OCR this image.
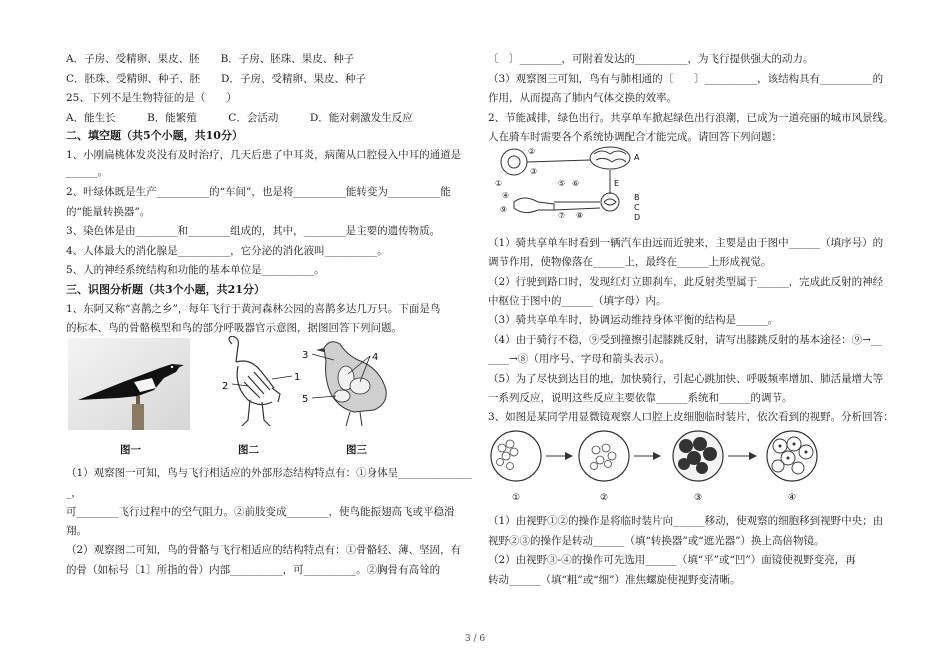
A．子房、受精卵、果皮、胚　　B．子房、胚珠、果皮、种子
C．胚珠、受精卵、种子、胚　　D．子房、受精卵、果皮、种子
25、下列不是生物特征的是（　　）
A．能生长　　　B．能繁殖　　　C．会活动　　　D．能对刺激发生反应
二、填空题（共5个小题，共10分）
1、小刚扁桃体发炎没有及时治疗，几天后患了中耳炎，病菌从口腔侵入中耳的通道是
______。
2、叶绿体既是生产__________的“车间”，也是将__________能转变为__________能
的“能量转换器”。
3、染色体是由________和________组成的，其中，________是主要的遗传物质。
4、人体最大的消化腺是__________，它分泌的消化液叫__________。
5、人的神经系统结构和功能的基本单位是__________。
三、识图分析题（共3个小题，共21分）
1、东阿又称“喜鹊之乡”，每年飞行于黄河森林公园的喜鹊多达几万只。下面是鸟
的标本、鸟的骨骼模型和鸟的部分呼吸器官示意图，据图回答下列问题。
图一
1
2
图二
3	4
5
图三
（1）观察图一可知，鸟与飞行相适应的外部形态结构特点有：①身体呈______________
_，
可________飞行过程中的空气阻力。②前肢变成________，使鸟能振翅高飞或平稳滑
翔。
（2）观察图二可知，鸟的骨骼与飞行相适应的结构特点有：①骨骼轻、薄、坚固，有
的骨（如标号〔1〕所指的骨）内部__________，可__________。②胸骨有高耸的
〔　〕________，可附着发达的__________，为飞行提供强大的动力。
（3）观察图三可知，鸟有与肺相通的〔　　〕__________，该结构具有__________的
作用，从而提高了肺内气体交换的效率。
2、节能减排，绿色出行。共享单车掀起绿色出行浪潮，已成为一道亮丽的城市风景线。
人在骑车时需要各个系统协调配合才能完成。请回答下列问题：
①
②
③
④
⑤ ⑥
⑦ ⑧
⑨
A
B
C
D
E
（1）骑共享单车时看到一辆汽车由远而近驶来，主要是由于图中______（填序号）的
调节作用，使物像落在______上，最终在______上形成视觉。
（2）行驶到路口时，发现红灯立即刹车，此反射类型属于______，完成此反射的神经
中枢位于图中的______（填字母）内。
（3）骑共享单车时，协调运动维持身体平衡的结构是______。
（4）由于骑行不稳，⑨受到撞擦引起膝跳反射，请写出膝跳反射的基本途径：⑨→__
____→⑧（用序号、字母和箭头表示）。
（5）为了尽快到达目的地，加快骑行，引起心跳加快、呼吸频率增加、肺活量增大等
一系列反应，说明这些反应主要依靠______系统和______的调节。
3、如图是某同学用显微镜观察人口腔上皮细胞临时装片，依次看到的视野。分析回答：
①	②	③	④
（1）由视野①②的操作是将临时装片向______移动，使观察的细胞移到视野中央；由
视野②③的操作是转动______（填“转换器”或“遮光器”）换上高倍物镜。
（2）由视野③-④的操作可先选用______（填“平”或“凹”）面镜使视野变亮，再
转动______（填“粗”或“细”）准焦螺旋使视野变清晰。
3 / 6
